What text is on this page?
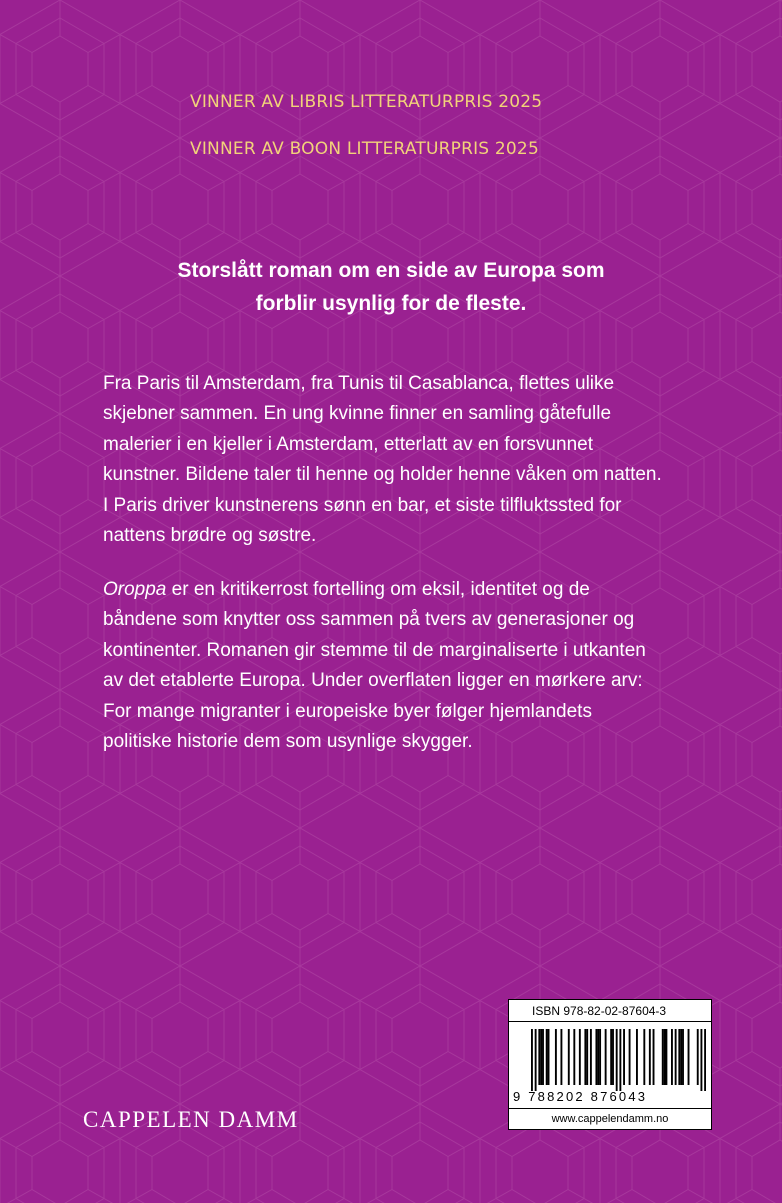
VINNER AV LIBRIS LITTERATURPRIS 2025
VINNER AV BOON LITTERATURPRIS 2025
Storslått roman om en side av Europa som
forblir usynlig for de fleste.
Fra Paris til Amsterdam, fra Tunis til Casablanca, flettes ulike
skjebner sammen. En ung kvinne finner en samling gåtefulle
malerier i en kjeller i Amsterdam, etterlatt av en forsvunnet
kunstner. Bildene taler til henne og holder henne våken om natten.
I Paris driver kunstnerens sønn en bar, et siste tilfluktssted for
nattens brødre og søstre.
Oroppa er en kritikerrost fortelling om eksil, identitet og de
båndene som knytter oss sammen på tvers av generasjoner og
kontinenter. Romanen gir stemme til de marginaliserte i utkanten
av det etablerte Europa. Under overflaten ligger en mørkere arv:
For mange migranter i europeiske byer følger hjemlandets
politiske historie dem som usynlige skygger.
CAPPELEN DAMM
ISBN 978-82-02-87604-3
9 788202 876043
www.cappelendamm.no
